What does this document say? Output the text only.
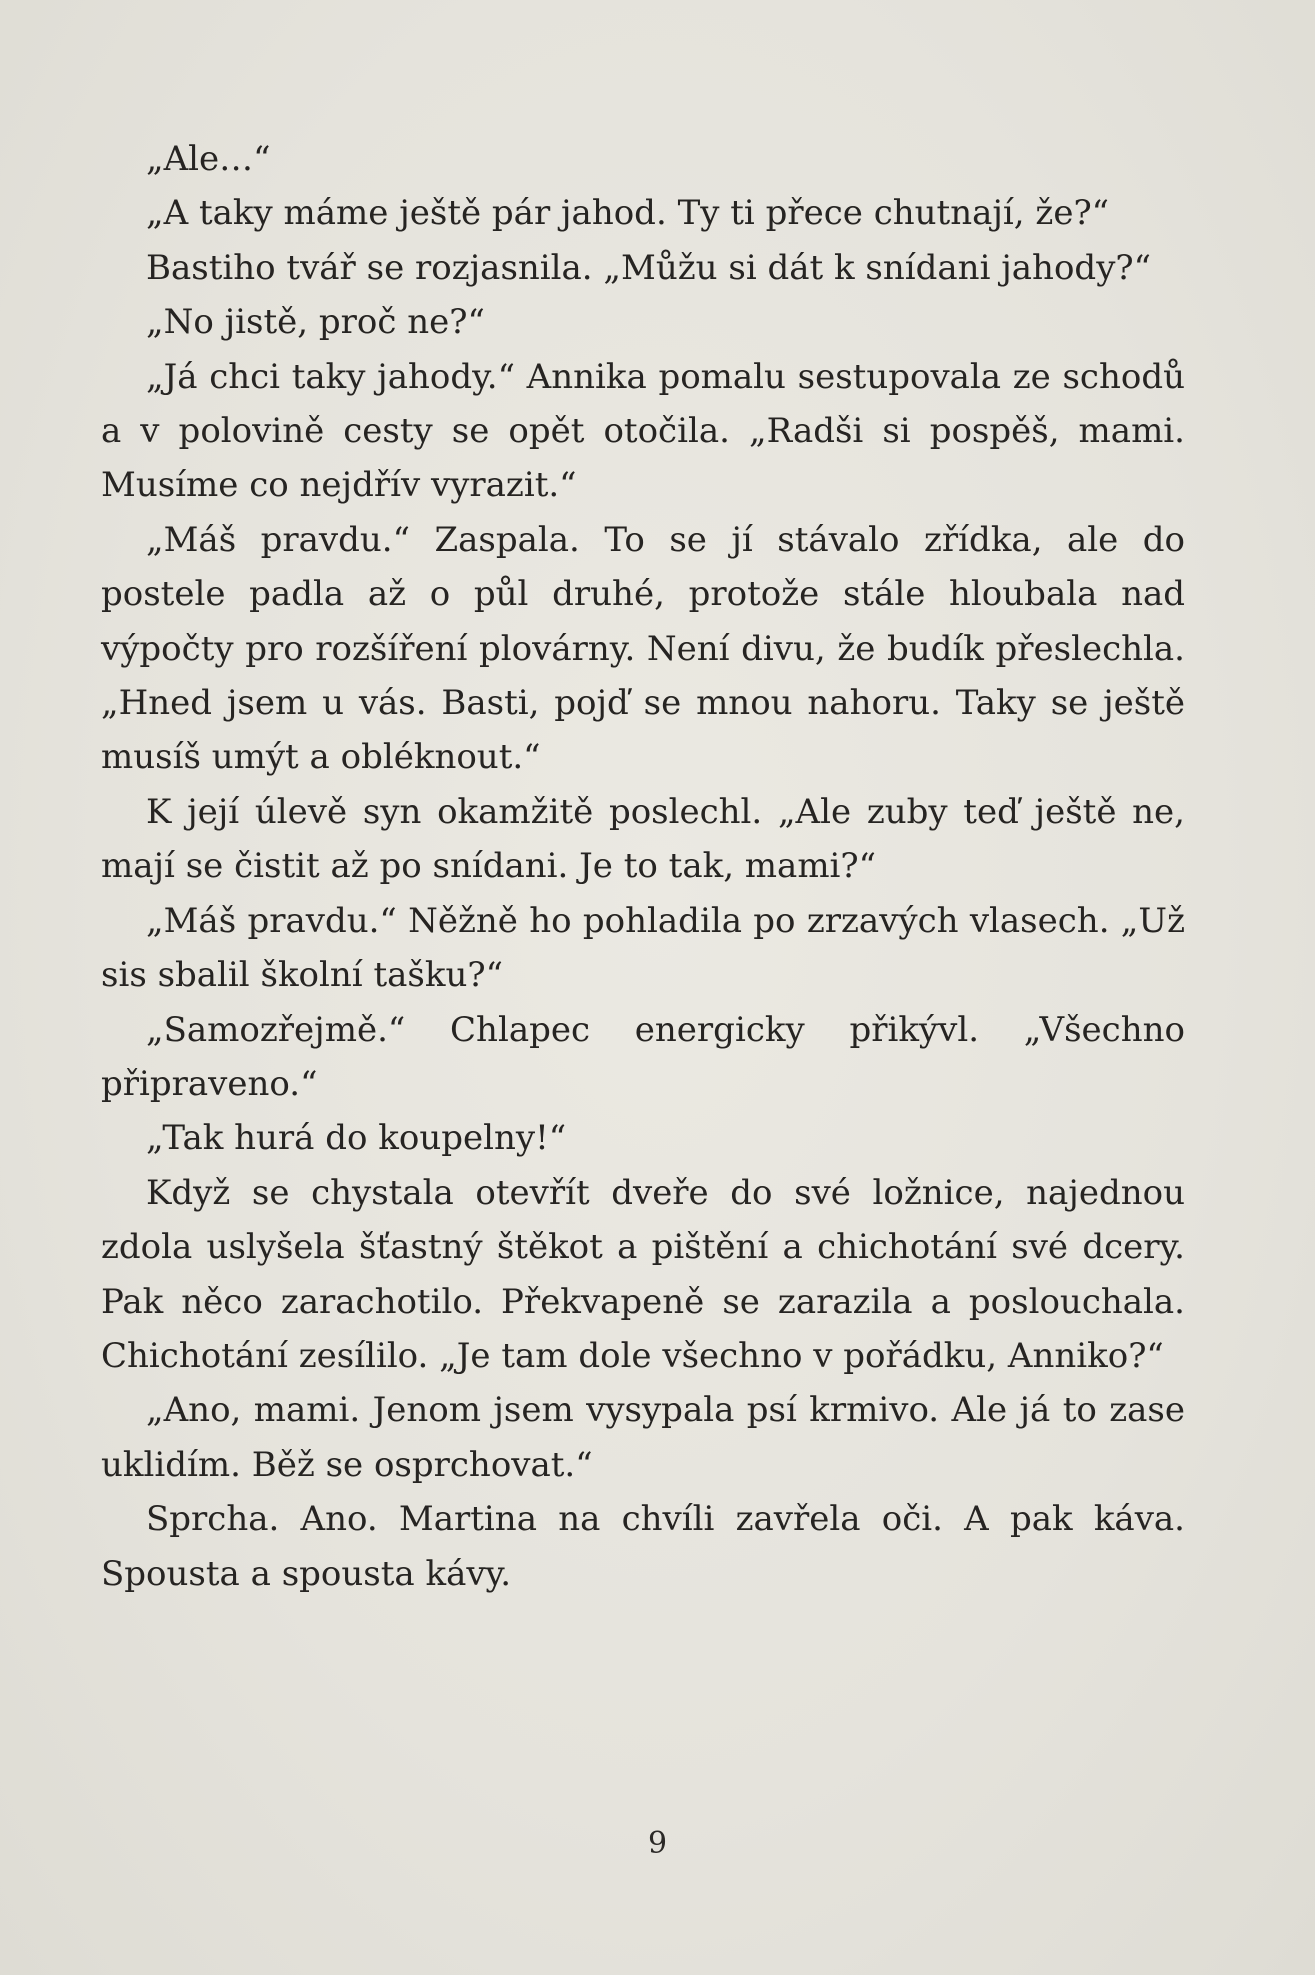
„Ale…“

„A taky máme ještě pár jahod. Ty ti přece chutnají, že?“

Bastiho tvář se rozjasnila. „Můžu si dát k snídani jahody?“

„No jistě, proč ne?“

„Já chci taky jahody.“ Annika pomalu sestupovala ze schodů a v polovině cesty se opět otočila. „Radši si pospěš, mami. Musíme co nejdřív vyrazit.“

„Máš pravdu.“ Zaspala. To se jí stávalo zřídka, ale do postele padla až o půl druhé, protože stále hloubala nad výpočty pro rozšíření plovárny. Není divu, že budík přeslechla. „Hned jsem u vás. Basti, pojď se mnou nahoru. Taky se ještě musíš umýt a obléknout.“

K její úlevě syn okamžitě poslechl. „Ale zuby teď ještě ne, mají se čistit až po snídani. Je to tak, mami?“

„Máš pravdu.“ Něžně ho pohladila po zrzavých vlasech. „Už sis sbalil školní tašku?“

„Samozřejmě.“ Chlapec energicky přikývl. „Všechno připraveno.“

„Tak hurá do koupelny!“

Když se chystala otevřít dveře do své ložnice, najednou zdola uslyšela šťastný štěkot a pištění a chichotání své dcery. Pak něco zarachotilo. Překvapeně se zarazila a poslouchala. Chichotání zesílilo. „Je tam dole všechno v pořádku, Anniko?“

„Ano, mami. Jenom jsem vysypala psí krmivo. Ale já to zase uklidím. Běž se osprchovat.“

Sprcha. Ano. Martina na chvíli zavřela oči. A pak káva. Spousta a spousta kávy.

9
